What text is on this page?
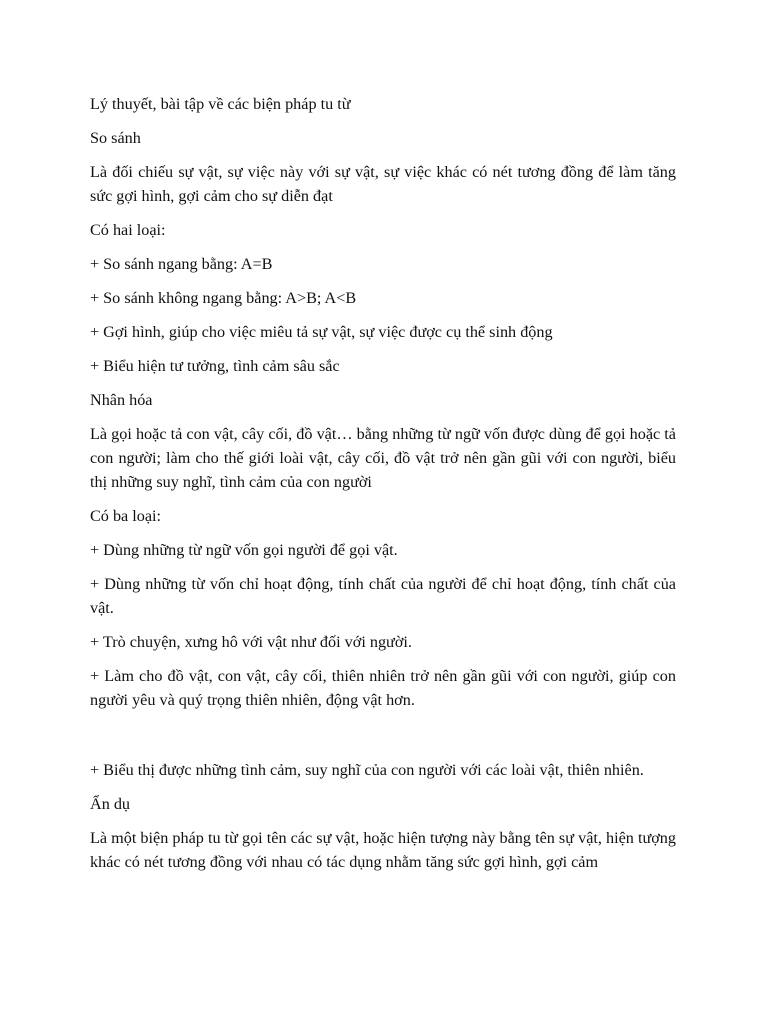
Lý thuyết, bài tập về các biện pháp tu từ

So sánh

Là đối chiếu sự vật, sự việc này với sự vật, sự việc khác có nét tương đồng để làm tăng sức gợi hình, gợi cảm cho sự diễn đạt

Có hai loại:

+ So sánh ngang bằng: A=B

+ So sánh không ngang bằng: A>B; A<B

+ Gợi hình, giúp cho việc miêu tả sự vật, sự việc được cụ thể sinh động

+ Biểu hiện tư tưởng, tình cảm sâu sắc

Nhân hóa

Là gọi hoặc tả con vật, cây cối, đồ vật… bằng những từ ngữ vốn được dùng để gọi hoặc tả con người; làm cho thế giới loài vật, cây cối, đồ vật trở nên gần gũi với con người, biểu thị những suy nghĩ, tình cảm của con người

Có ba loại:

+ Dùng những từ ngữ vốn gọi người để gọi vật.

+ Dùng những từ vốn chỉ hoạt động, tính chất của người để chỉ hoạt động, tính chất của vật.

+ Trò chuyện, xưng hô với vật như đối với người.

+ Làm cho đồ vật, con vật, cây cối, thiên nhiên trở nên gần gũi với con người, giúp con người yêu và quý trọng thiên nhiên, động vật hơn.

+ Biểu thị được những tình cảm, suy nghĩ của con người với các loài vật, thiên nhiên.

Ẩn dụ

Là một biện pháp tu từ gọi tên các sự vật, hoặc hiện tượng này bằng tên sự vật, hiện tượng khác có nét tương đồng với nhau có tác dụng nhằm tăng sức gợi hình, gợi cảm
